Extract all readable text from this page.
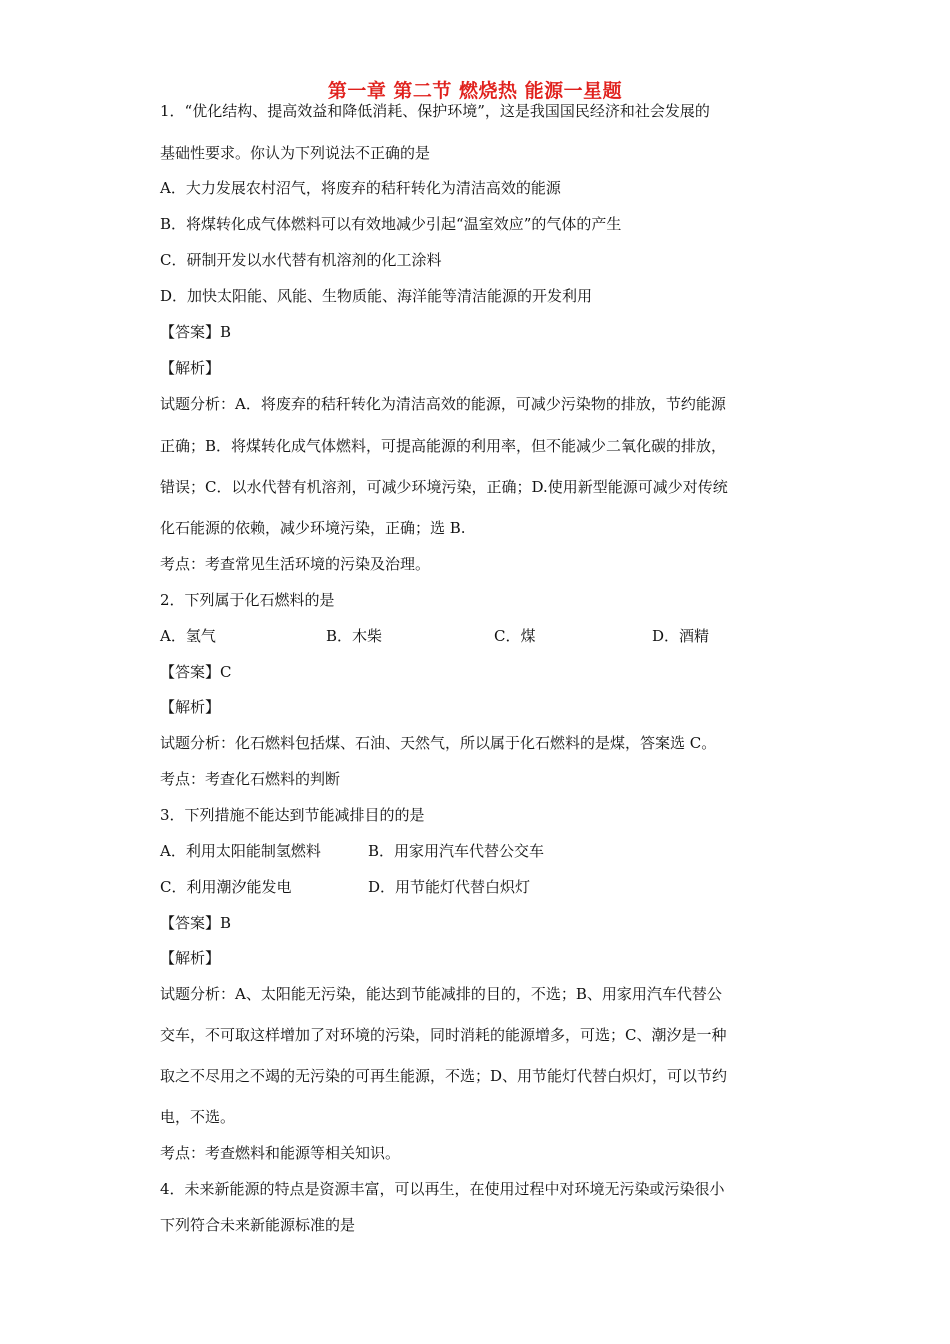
第一章 第二节 燃烧热 能源一星题
1．“优化结构、提高效益和降低消耗、保护环境”，这是我国国民经济和社会发展的
基础性要求。你认为下列说法不正确的是
A．大力发展农村沼气，将废弃的秸秆转化为清洁高效的能源
B．将煤转化成气体燃料可以有效地减少引起“温室效应”的气体的产生
C．研制开发以水代替有机溶剂的化工涂料
D．加快太阳能、风能、生物质能、海洋能等清洁能源的开发利用
【答案】B
【解析】
试题分析：A．将废弃的秸秆转化为清洁高效的能源，可减少污染物的排放，节约能源
正确；B．将煤转化成气体燃料，可提高能源的利用率，但不能减少二氧化碳的排放，
错误；C．以水代替有机溶剂，可减少环境污染，正确；D.使用新型能源可减少对传统
化石能源的依赖，减少环境污染，正确；选 B.
考点：考查常见生活环境的污染及治理。
2．下列属于化石燃料的是
A．氢气	B．木柴	C．煤	D．酒精
【答案】C
【解析】
试题分析：化石燃料包括煤、石油、天然气，所以属于化石燃料的是煤，答案选 C。
考点：考查化石燃料的判断
3．下列措施不能达到节能减排目的的是
A．利用太阳能制氢燃料	B．用家用汽车代替公交车
C．利用潮汐能发电	D．用节能灯代替白炽灯
【答案】B
【解析】
试题分析：A、太阳能无污染，能达到节能减排的目的，不选；B、用家用汽车代替公
交车，不可取这样增加了对环境的污染，同时消耗的能源增多，可选；C、潮汐是一种
取之不尽用之不竭的无污染的可再生能源，不选；D、用节能灯代替白炽灯，可以节约
电，不选。
考点：考查燃料和能源等相关知识。
4．未来新能源的特点是资源丰富，可以再生，在使用过程中对环境无污染或污染很小
下列符合未来新能源标准的是
